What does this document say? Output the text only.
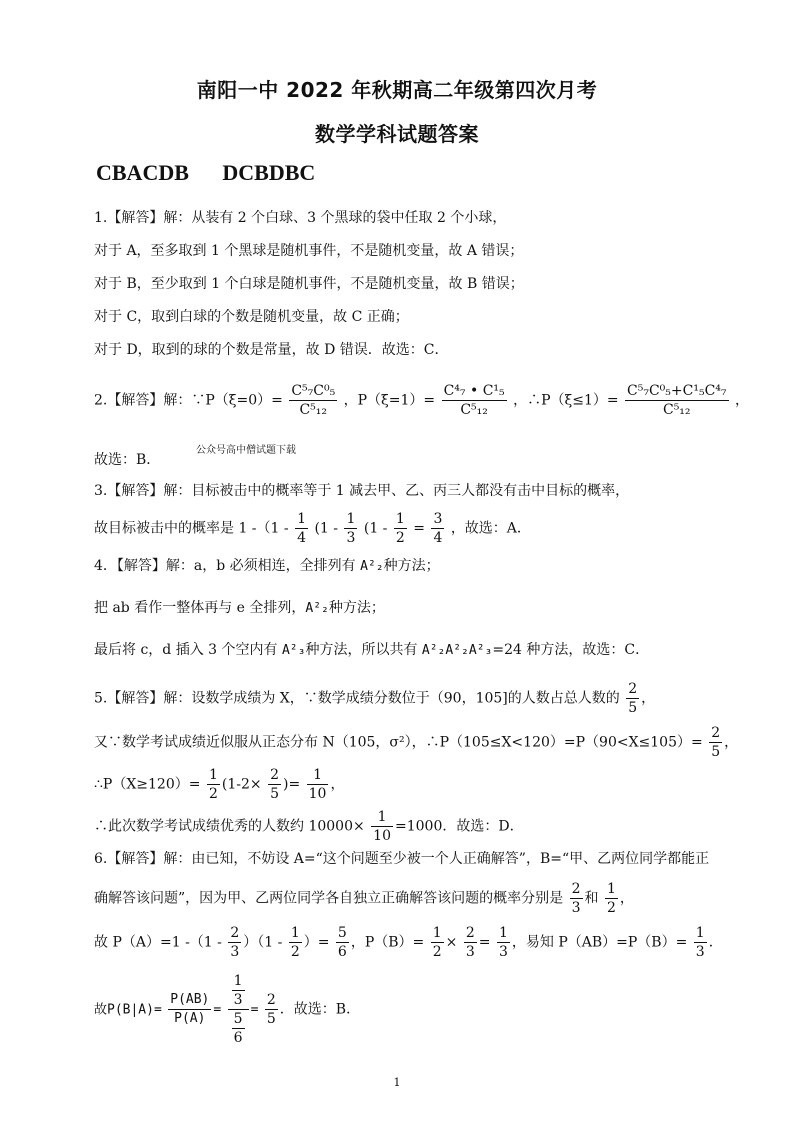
南阳一中 2022 年秋期高二年级第四次月考
数学学科试题答案
CBACDB DCBDBC
1.【解答】解：从装有 2 个白球、3 个黑球的袋中任取 2 个小球，
对于 A，至多取到 1 个黑球是随机事件，不是随机变量，故 A 错误；
对于 B，至少取到 1 个白球是随机事件，不是随机变量，故 B 错误；
对于 C，取到白球的个数是随机变量，故 C 正确；
对于 D，取到的球的个数是常量，故 D 错误．故选：C．
2.【解答】解：∵P（ξ=0）= $\frac{\text{C⁵₇C⁰₅}}{\text{C⁵₁₂}}$ ，$P(\xi=1)= \frac{\text{C⁴₇ • C¹₅}}{\text{C⁵₁₂}}$ ，∴P（ξ≤1）= $\frac{\text{C⁵₇C⁰₅+C¹₅C⁴₇}}{\text{C⁵₁₂}}$ ，
公众号高中僧试题下载
故选：B．
3.【解答】解：目标被击中的概率等于 1 减去甲、乙、丙三人都没有击中目标的概率，
故目标被击中的概率是 1 $-(1 - \frac{1}{4} (1 - \frac{1}{3} (1 - \frac{1}{2} = \frac{3}{4}$ ，故选：A．
4．【解答】解：a，b 必须相连，全排列有 A²₂种方法；
把 ab 看作一整体再与 e 全排列，A²₂种方法；
最后将 c，d 插入 3 个空内有 A²₃种方法，所以共有 A²₂A²₂A²₃=24 种方法，故选：C．
5.【解答】解：设数学成绩为 X，∵数学成绩分数位于（90，105]的人数占总人数的 $\frac{2}{5}$ ，
又∵数学考试成绩近似服从正态分布 N（105，σ²），∴P（105≤X<120）=P（90<X≤105）= $\frac{2}{5}$ ，
∴P（X≥120）= $\frac{1}{2} (1-2\times \frac{2}{5}$ )= $\frac{1}{10}$ ，
∴此次数学考试成绩优秀的人数约 $10000\times \frac{1}{10} =1000$．故选：D．
6.【解答】解：由已知，不妨设 A=“这个问题至少被一个人正确解答”，B=“甲、乙两位同学都能正
确解答该问题”，因为甲、乙两位同学各自独立正确解答该问题的概率分别是 $\frac{2}{3}$ 和 $\frac{1}{2}$ ，
故 P（A）=1 $-(1 - \frac{2}{3} )(1 - \frac{1}{2}$ ）= $\frac{5}{6}$ ，$P(B)= \frac{1}{2} \times \frac{2}{3} = \frac{1}{3}$ ，易知 $P(AB)=P(B)= \frac{1}{3}$ ．
故$P(B|A)= \frac{P(AB)}{P(A)} = \frac{\frac{1}{3}}{\frac{5}{6}} = \frac{2}{5}$ ．故选：B．
1
